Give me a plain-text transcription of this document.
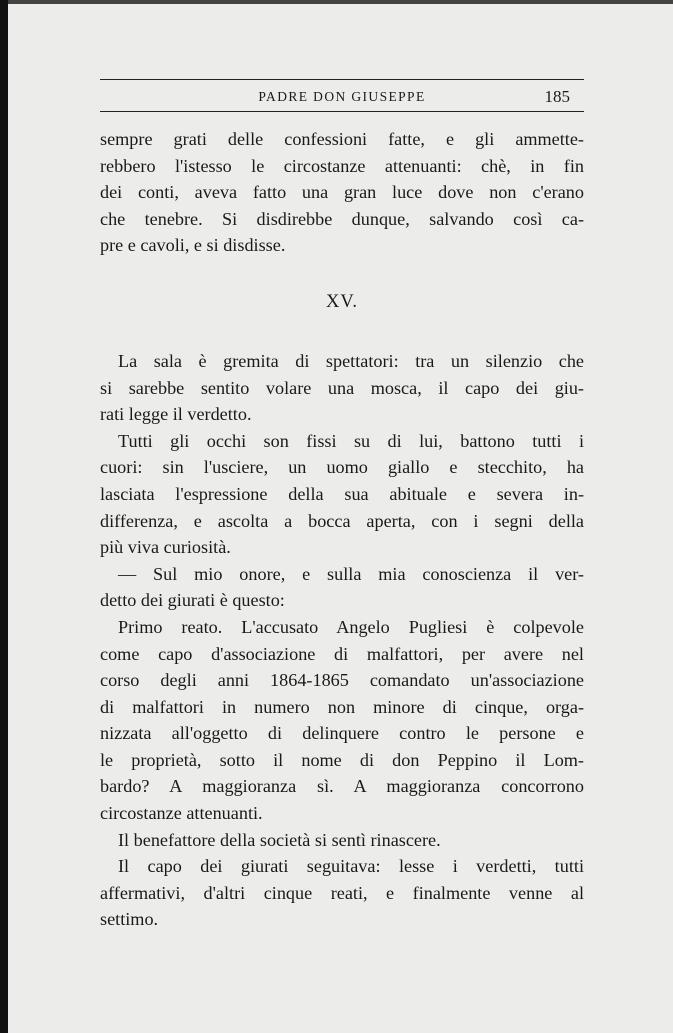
PADRE DON GIUSEPPE	185
sempre grati delle confessioni fatte, e gli ammette-
rebbero l'istesso le circostanze attenuanti: chè, in fin
dei conti, aveva fatto una gran luce dove non c'erano
che tenebre. Si disdirebbe dunque, salvando così ca-
pre e cavoli, e si disdisse.
XV.
La sala è gremita di spettatori: tra un silenzio che
si sarebbe sentito volare una mosca, il capo dei giu-
rati legge il verdetto.
Tutti gli occhi son fissi su di lui, battono tutti i
cuori: sin l'usciere, un uomo giallo e stecchito, ha
lasciata l'espressione della sua abituale e severa in-
differenza, e ascolta a bocca aperta, con i segni della
più viva curiosità.
— Sul mio onore, e sulla mia conoscienza il ver-
detto dei giurati è questo:
Primo reato. L'accusato Angelo Pugliesi è colpevole
come capo d'associazione di malfattori, per avere nel
corso degli anni 1864-1865 comandato un'associazione
di malfattori in numero non minore di cinque, orga-
nizzata all'oggetto di delinquere contro le persone e
le proprietà, sotto il nome di don Peppino il Lom-
bardo? A maggioranza sì. A maggioranza concorrono
circostanze attenuanti.
Il benefattore della società si sentì rinascere.
Il capo dei giurati seguitava: lesse i verdetti, tutti
affermativi, d'altri cinque reati, e finalmente venne al
settimo.
